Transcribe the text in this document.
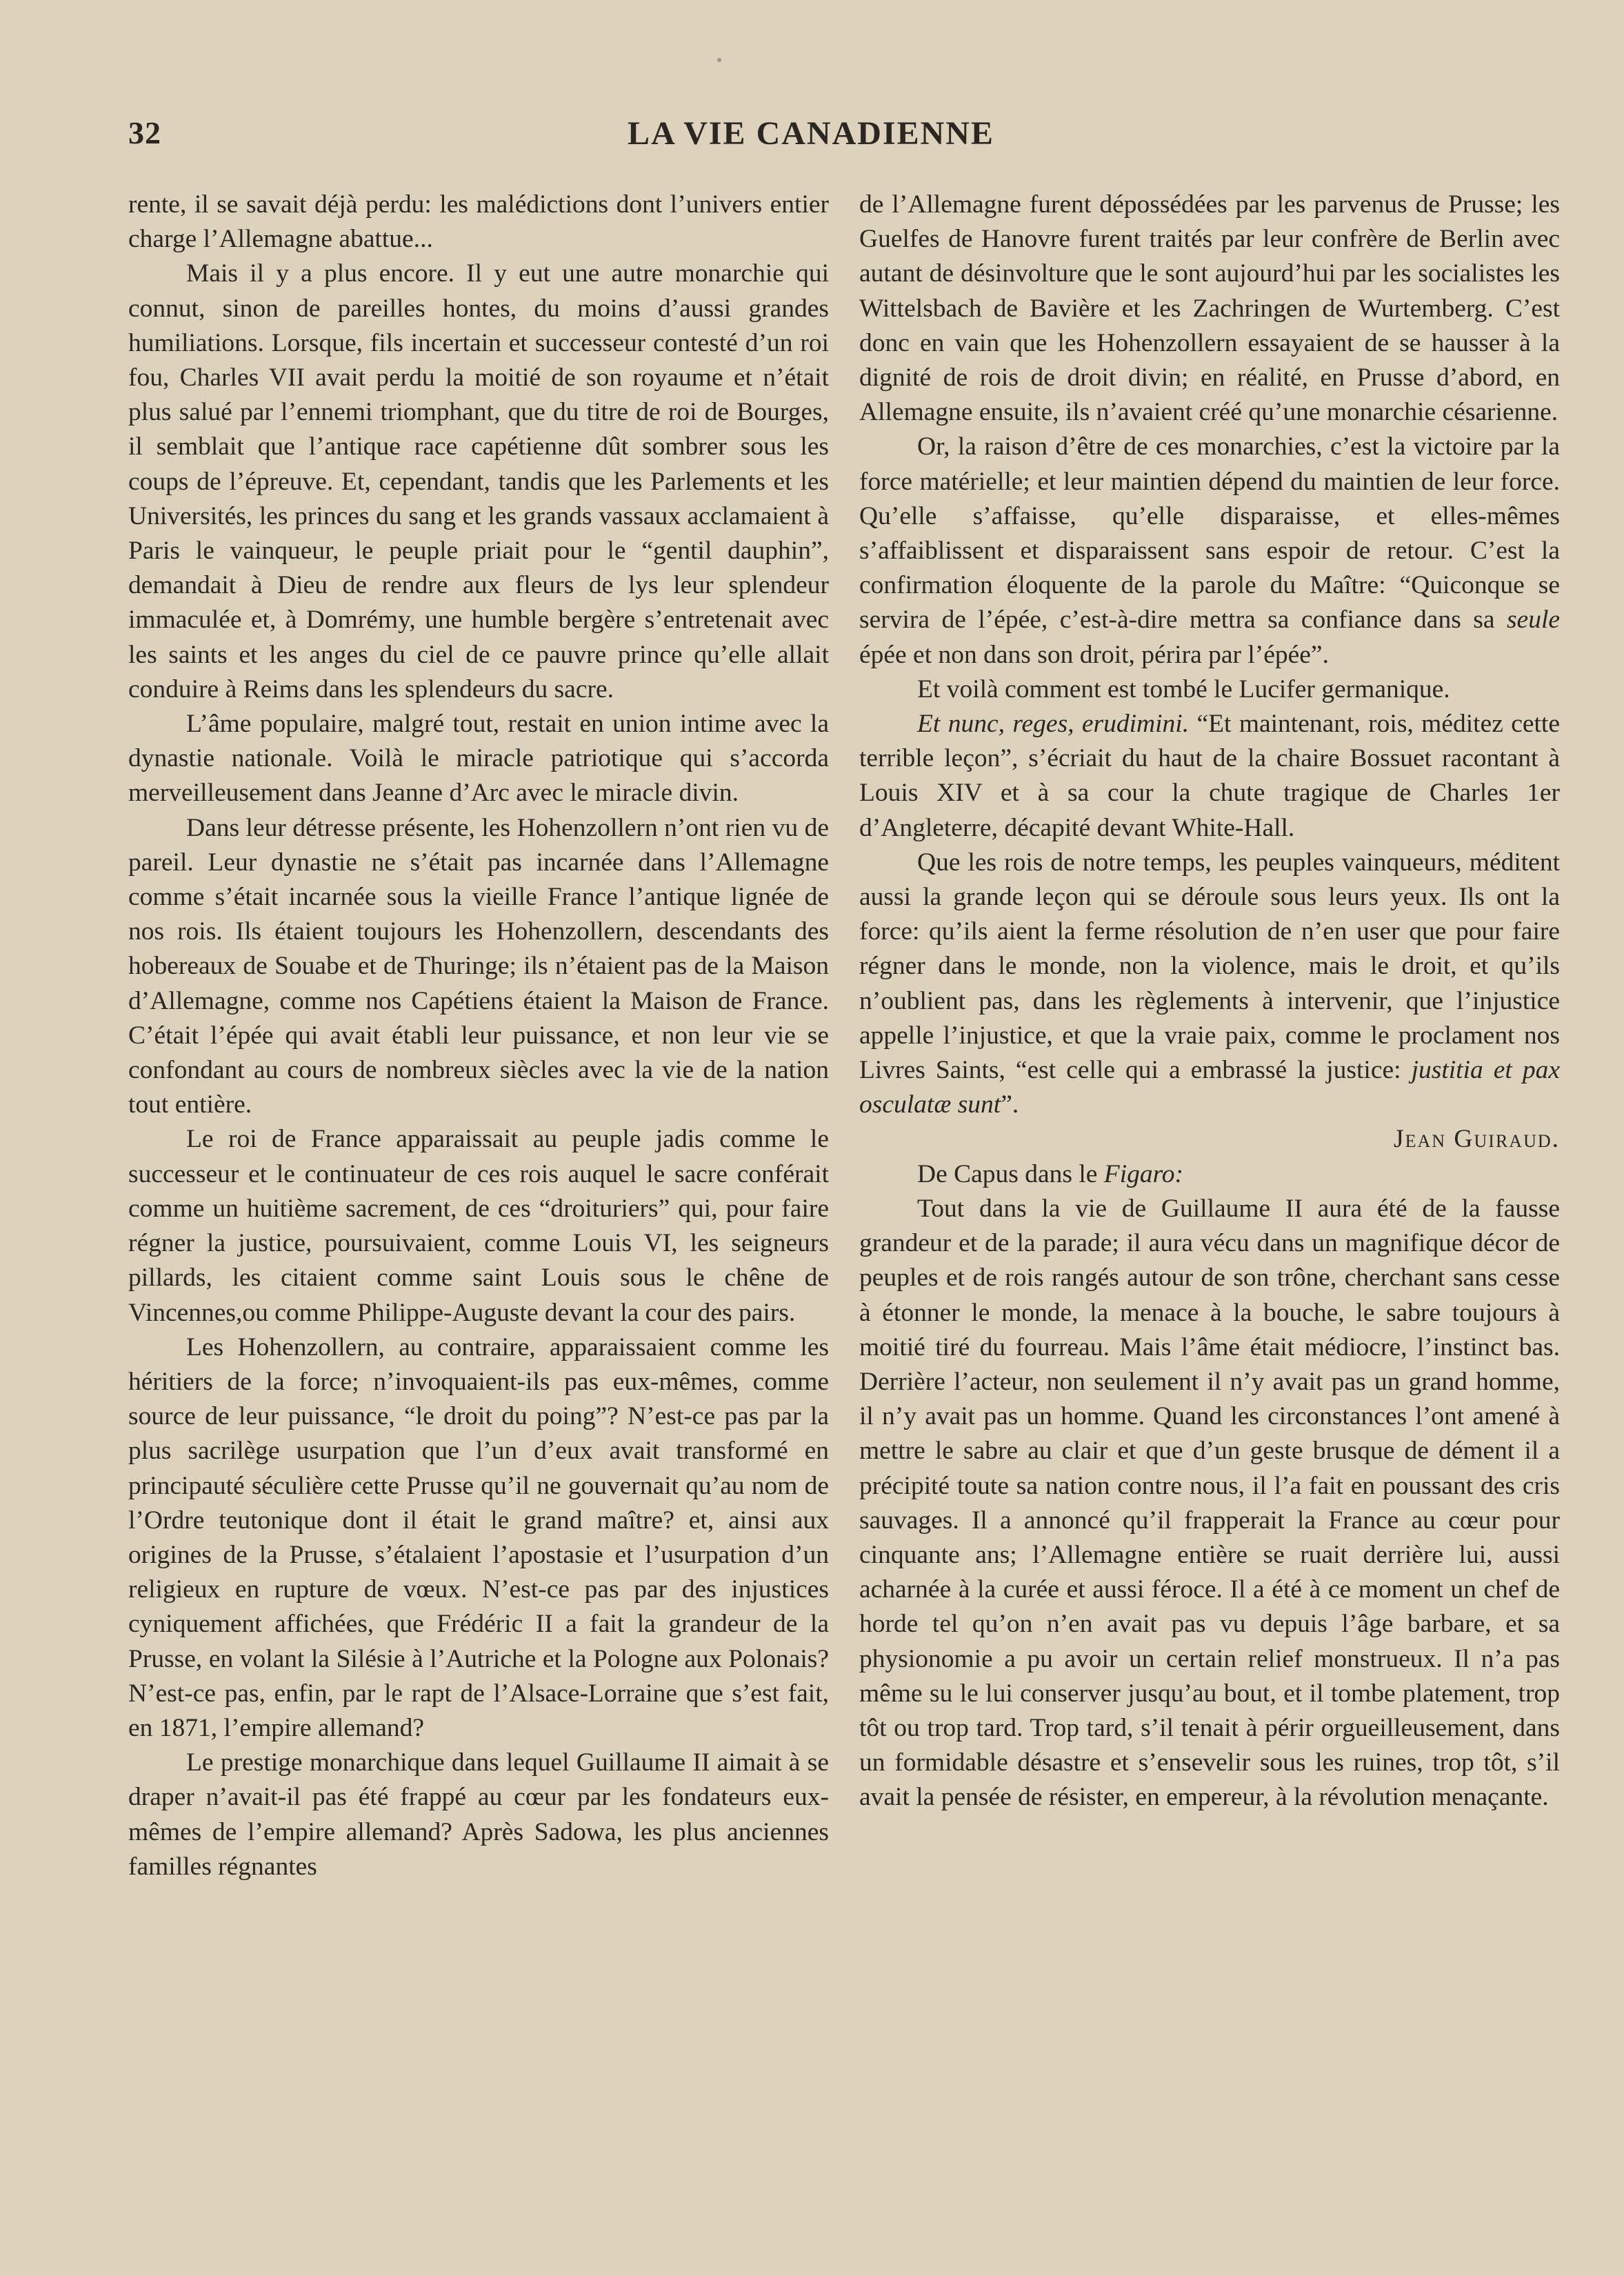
32	LA VIE CANADIENNE

rente, il se savait déjà perdu: les malédictions dont l’univers entier charge l’Allemagne abattue...

Mais il y a plus encore. Il y eut une autre monarchie qui connut, sinon de pareilles hontes, du moins d’aussi grandes humiliations. Lorsque, fils incertain et successeur contesté d’un roi fou, Charles VII avait perdu la moitié de son royaume et n’était plus salué par l’ennemi triomphant, que du titre de roi de Bourges, il semblait que l’antique race capétienne dût sombrer sous les coups de l’épreuve. Et, cependant, tandis que les Parlements et les Universités, les princes du sang et les grands vassaux acclamaient à Paris le vainqueur, le peuple priait pour le “gentil dauphin”, demandait à Dieu de rendre aux fleurs de lys leur splendeur immaculée et, à Domrémy, une humble bergère s’entretenait avec les saints et les anges du ciel de ce pauvre prince qu’elle allait conduire à Reims dans les splendeurs du sacre.

L’âme populaire, malgré tout, restait en union intime avec la dynastie nationale. Voilà le miracle patriotique qui s’accorda merveilleusement dans Jeanne d’Arc avec le miracle divin.

Dans leur détresse présente, les Hohenzollern n’ont rien vu de pareil. Leur dynastie ne s’était pas incarnée dans l’Allemagne comme s’était incarnée sous la vieille France l’antique lignée de nos rois. Ils étaient toujours les Hohenzollern, descendants des hobereaux de Souabe et de Thuringe; ils n’étaient pas de la Maison d’Allemagne, comme nos Capétiens étaient la Maison de France. C’était l’épée qui avait établi leur puissance, et non leur vie se confondant au cours de nombreux siècles avec la vie de la nation tout entière.

Le roi de France apparaissait au peuple jadis comme le successeur et le continuateur de ces rois auquel le sacre conférait comme un huitième sacrement, de ces “droituriers” qui, pour faire régner la justice, poursuivaient, comme Louis VI, les seigneurs pillards, les citaient comme saint Louis sous le chêne de Vincennes,ou comme Philippe-Auguste devant la cour des pairs.

Les Hohenzollern, au contraire, apparaissaient comme les héritiers de la force; n’invoquaient-ils pas eux-mêmes, comme source de leur puissance, “le droit du poing”? N’est-ce pas par la plus sacrilège usurpation que l’un d’eux avait transformé en principauté séculière cette Prusse qu’il ne gouvernait qu’au nom de l’Ordre teutonique dont il était le grand maître? et, ainsi aux origines de la Prusse, s’étalaient l’apostasie et l’usurpation d’un religieux en rupture de vœux. N’est-ce pas par des injustices cyniquement affichées, que Frédéric II a fait la grandeur de la Prusse, en volant la Silésie à l’Autriche et la Pologne aux Polonais? N’est-ce pas, enfin, par le rapt de l’Alsace-Lorraine que s’est fait, en 1871, l’empire allemand?

Le prestige monarchique dans lequel Guillaume II aimait à se draper n’avait-il pas été frappé au cœur par les fondateurs eux-mêmes de l’empire allemand? Après Sadowa, les plus anciennes familles régnantes

de l’Allemagne furent dépossédées par les parvenus de Prusse; les Guelfes de Hanovre furent traités par leur confrère de Berlin avec autant de désinvolture que le sont aujourd’hui par les socialistes les Wittelsbach de Bavière et les Zachringen de Wurtemberg. C’est donc en vain que les Hohenzollern essayaient de se hausser à la dignité de rois de droit divin; en réalité, en Prusse d’abord, en Allemagne ensuite, ils n’avaient créé qu’une monarchie césarienne.

Or, la raison d’être de ces monarchies, c’est la victoire par la force matérielle; et leur maintien dépend du maintien de leur force. Qu’elle s’affaisse, qu’elle disparaisse, et elles-mêmes s’affaiblissent et disparaissent sans espoir de retour. C’est la confirmation éloquente de la parole du Maître: “Quiconque se servira de l’épée, c’est-à-dire mettra sa confiance dans sa seule épée et non dans son droit, périra par l’épée”.

Et voilà comment est tombé le Lucifer germanique.

Et nunc, reges, erudimini. “Et maintenant, rois, méditez cette terrible leçon”, s’écriait du haut de la chaire Bossuet racontant à Louis XIV et à sa cour la chute tragique de Charles 1er d’Angleterre, décapité devant White-Hall.

Que les rois de notre temps, les peuples vainqueurs, méditent aussi la grande leçon qui se déroule sous leurs yeux. Ils ont la force: qu’ils aient la ferme résolution de n’en user que pour faire régner dans le monde, non la violence, mais le droit, et qu’ils n’oublient pas, dans les règlements à intervenir, que l’injustice appelle l’injustice, et que la vraie paix, comme le proclament nos Livres Saints, “est celle qui a embrassé la justice: justitia et pax osculatæ sunt”.

Jean Guiraud.

De Capus dans le Figaro:

Tout dans la vie de Guillaume II aura été de la fausse grandeur et de la parade; il aura vécu dans un magnifique décor de peuples et de rois rangés autour de son trône, cherchant sans cesse à étonner le monde, la menace à la bouche, le sabre toujours à moitié tiré du fourreau. Mais l’âme était médiocre, l’instinct bas. Derrière l’acteur, non seulement il n’y avait pas un grand homme, il n’y avait pas un homme. Quand les circonstances l’ont amené à mettre le sabre au clair et que d’un geste brusque de dément il a précipité toute sa nation contre nous, il l’a fait en poussant des cris sauvages. Il a annoncé qu’il frapperait la France au cœur pour cinquante ans; l’Allemagne entière se ruait derrière lui, aussi acharnée à la curée et aussi féroce. Il a été à ce moment un chef de horde tel qu’on n’en avait pas vu depuis l’âge barbare, et sa physionomie a pu avoir un certain relief monstrueux. Il n’a pas même su le lui conserver jusqu’au bout, et il tombe platement, trop tôt ou trop tard. Trop tard, s’il tenait à périr orgueilleusement, dans un formidable désastre et s’ensevelir sous les ruines, trop tôt, s’il avait la pensée de résister, en empereur, à la révolution menaçante.
